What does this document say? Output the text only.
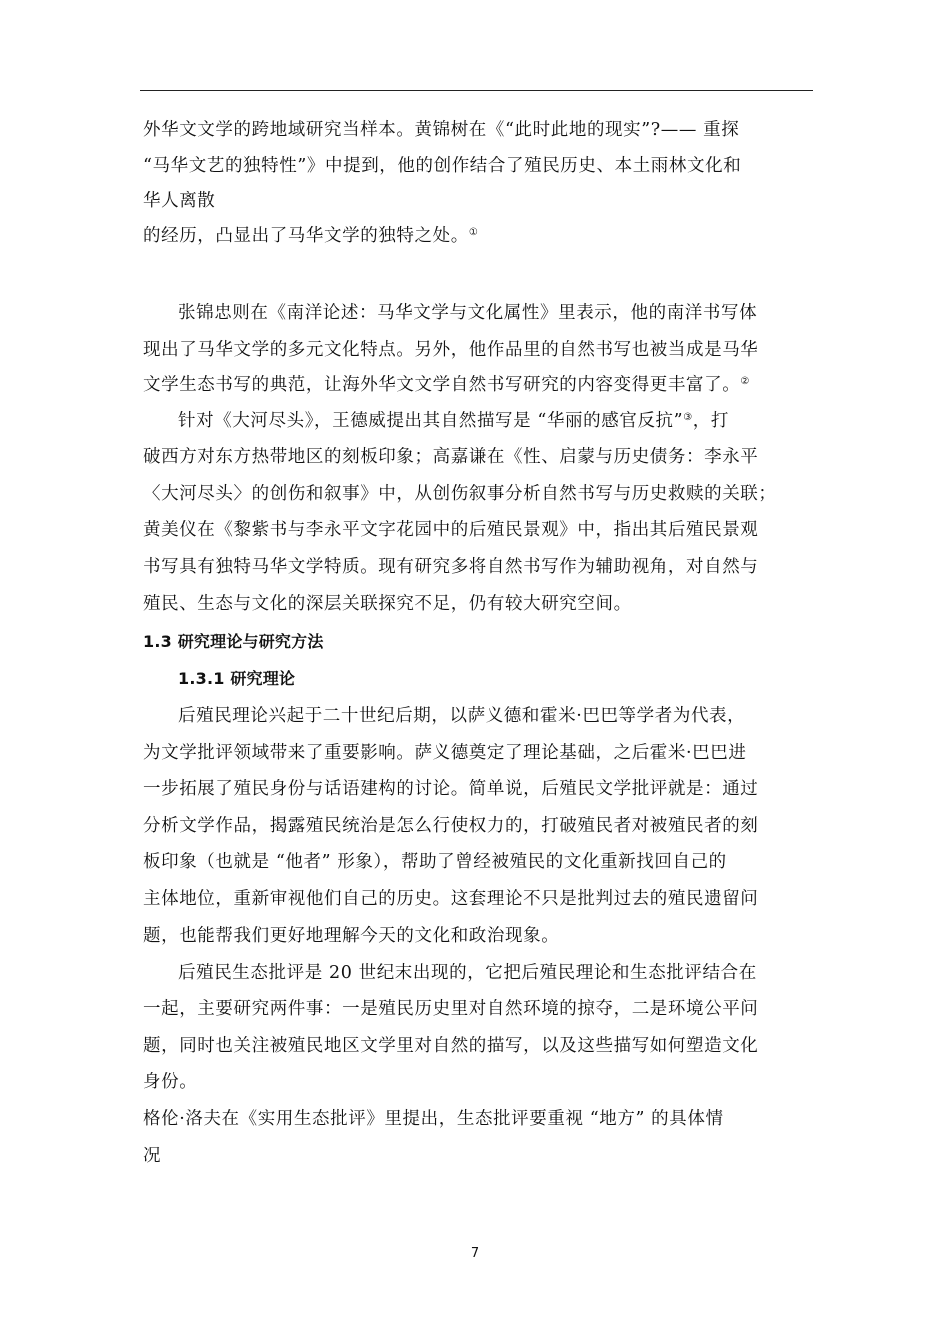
外华文文学的跨地域研究当样本。黄锦树在《“此时此地的现实”?—— 重探
“马华文艺的独特性”》中提到，他的创作结合了殖民历史、本土雨林文化和
华人离散
的经历，凸显出了马华文学的独特之处。①
张锦忠则在《南洋论述：马华文学与文化属性》里表示，他的南洋书写体
现出了马华文学的多元文化特点。另外，他作品里的自然书写也被当成是马华
文学生态书写的典范，让海外华文文学自然书写研究的内容变得更丰富了。②
针对《大河尽头》，王德威提出其自然描写是 “华丽的感官反抗”③，打
破西方对东方热带地区的刻板印象；高嘉谦在《性、启蒙与历史债务：李永平
〈大河尽头〉的创伤和叙事》中，从创伤叙事分析自然书写与历史救赎的关联；
黄美仪在《黎紫书与李永平文字花园中的后殖民景观》中，指出其后殖民景观
书写具有独特马华文学特质。现有研究多将自然书写作为辅助视角，对自然与
殖民、生态与文化的深层关联探究不足，仍有较大研究空间。
1.3 研究理论与研究方法
1.3.1 研究理论
后殖民理论兴起于二十世纪后期，以萨义德和霍米·巴巴等学者为代表，
为文学批评领域带来了重要影响。萨义德奠定了理论基础，之后霍米·巴巴进
一步拓展了殖民身份与话语建构的讨论。简单说，后殖民文学批评就是：通过
分析文学作品，揭露殖民统治是怎么行使权力的，打破殖民者对被殖民者的刻
板印象（也就是 “他者” 形象），帮助了曾经被殖民的文化重新找回自己的
主体地位，重新审视他们自己的历史。这套理论不只是批判过去的殖民遗留问
题，也能帮我们更好地理解今天的文化和政治现象。
后殖民生态批评是 20 世纪末出现的，它把后殖民理论和生态批评结合在
一起，主要研究两件事：一是殖民历史里对自然环境的掠夺，二是环境公平问
题，同时也关注被殖民地区文学里对自然的描写，以及这些描写如何塑造文化
身份。
格伦·洛夫在《实用生态批评》里提出，生态批评要重视 “地方” 的具体情
况
7
